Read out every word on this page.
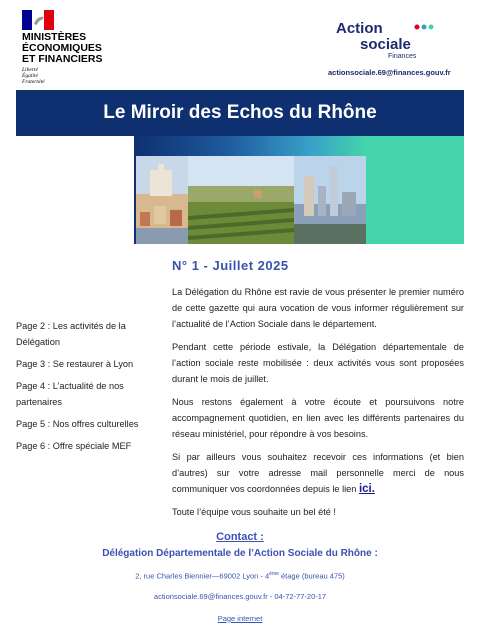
MINISTÈRES
ÉCONOMIQUES
ET FINANCIERS
Liberté
Égalité
Fraternité
Action
sociale
Finances
actionsociale.69@finances.gouv.fr
Le Miroir des Echos du Rhône
N° 1 - Juillet 2025
Page 2 : Les activités de la Délégation
Page 3 : Se restaurer à Lyon
Page 4 : L’actualité de nos partenaires
Page 5 : Nos offres culturelles
Page 6 : Offre spéciale MEF

La Délégation du Rhône est ravie de vous présenter le premier numéro de cette gazette qui aura vocation de vous informer régulièrement sur l’actualité de l’Action Sociale dans le département.

Pendant cette période estivale, la Délégation départementale de l’action sociale reste mobilisée : deux activités vous sont proposées durant le mois de juillet.

Nous restons également à votre écoute et poursuivons notre accompagnement quotidien, en lien avec les différents partenaires du réseau ministériel, pour répondre à vos besoins.

Si par ailleurs vous souhaitez recevoir ces informations (et bien d’autres) sur votre adresse mail personnelle merci de nous communiquer vos coordonnées depuis le lien ici.

Toute l’équipe vous souhaite un bel été !

Contact :
Délégation Départementale de l’Action Sociale du Rhône :
2, rue Charles Biennier—69002 Lyon - 4ème étage (bureau 475)
actionsociale.69@finances.gouv.fr - 04-72-77-20-17
Page internet
